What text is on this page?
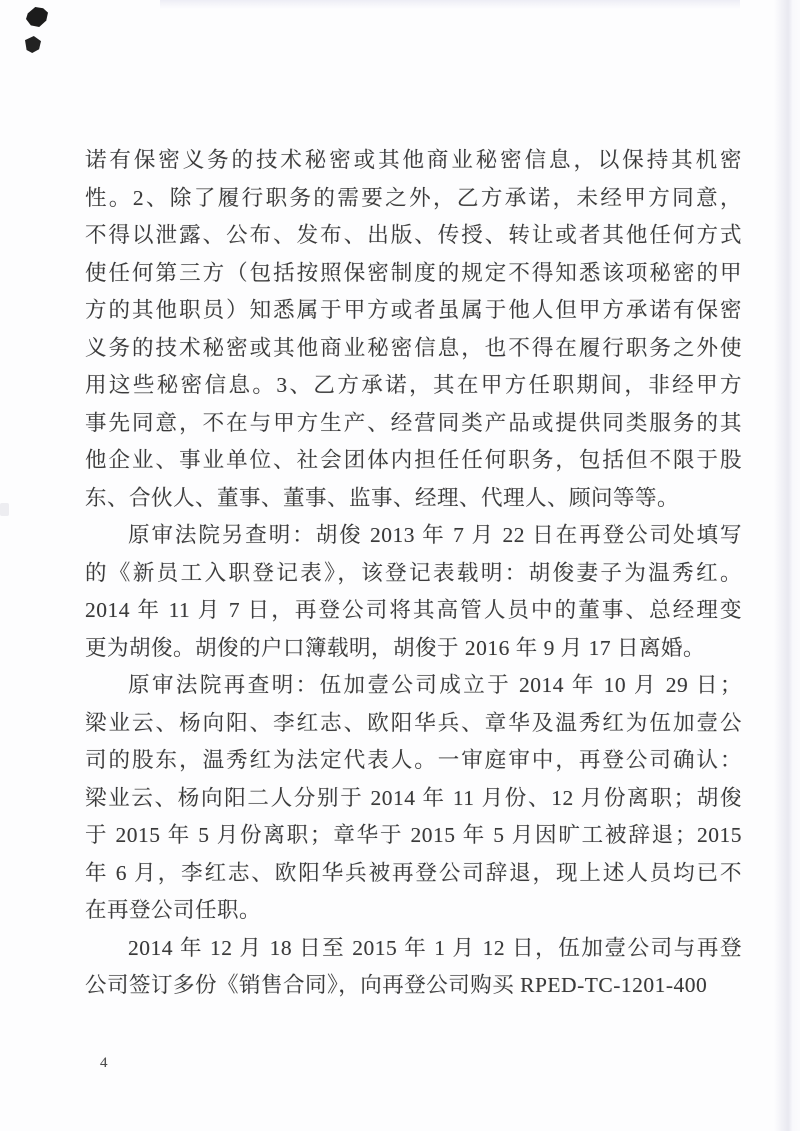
诺有保密义务的技术秘密或其他商业秘密信息，以保持其机密
性。2、除了履行职务的需要之外，乙方承诺，未经甲方同意，
不得以泄露、公布、发布、出版、传授、转让或者其他任何方式
使任何第三方（包括按照保密制度的规定不得知悉该项秘密的甲
方的其他职员）知悉属于甲方或者虽属于他人但甲方承诺有保密
义务的技术秘密或其他商业秘密信息，也不得在履行职务之外使
用这些秘密信息。3、乙方承诺，其在甲方任职期间，非经甲方
事先同意，不在与甲方生产、经营同类产品或提供同类服务的其
他企业、事业单位、社会团体内担任任何职务，包括但不限于股
东、合伙人、董事、董事、监事、经理、代理人、顾问等等。
原审法院另查明：胡俊 2013 年 7 月 22 日在再登公司处填写
的《新员工入职登记表》，该登记表载明：胡俊妻子为温秀红。
2014 年 11 月 7 日，再登公司将其高管人员中的董事、总经理变
更为胡俊。胡俊的户口簿载明，胡俊于 2016 年 9 月 17 日离婚。
原审法院再查明：伍加壹公司成立于 2014 年 10 月 29 日；
梁业云、杨向阳、李红志、欧阳华兵、章华及温秀红为伍加壹公
司的股东，温秀红为法定代表人。一审庭审中，再登公司确认：
梁业云、杨向阳二人分别于 2014 年 11 月份、12 月份离职；胡俊
于 2015 年 5 月份离职；章华于 2015 年 5 月因旷工被辞退；2015
年 6 月，李红志、欧阳华兵被再登公司辞退，现上述人员均已不
在再登公司任职。
2014 年 12 月 18 日至 2015 年 1 月 12 日，伍加壹公司与再登
公司签订多份《销售合同》，向再登公司购买 RPED-TC-1201-400
4
